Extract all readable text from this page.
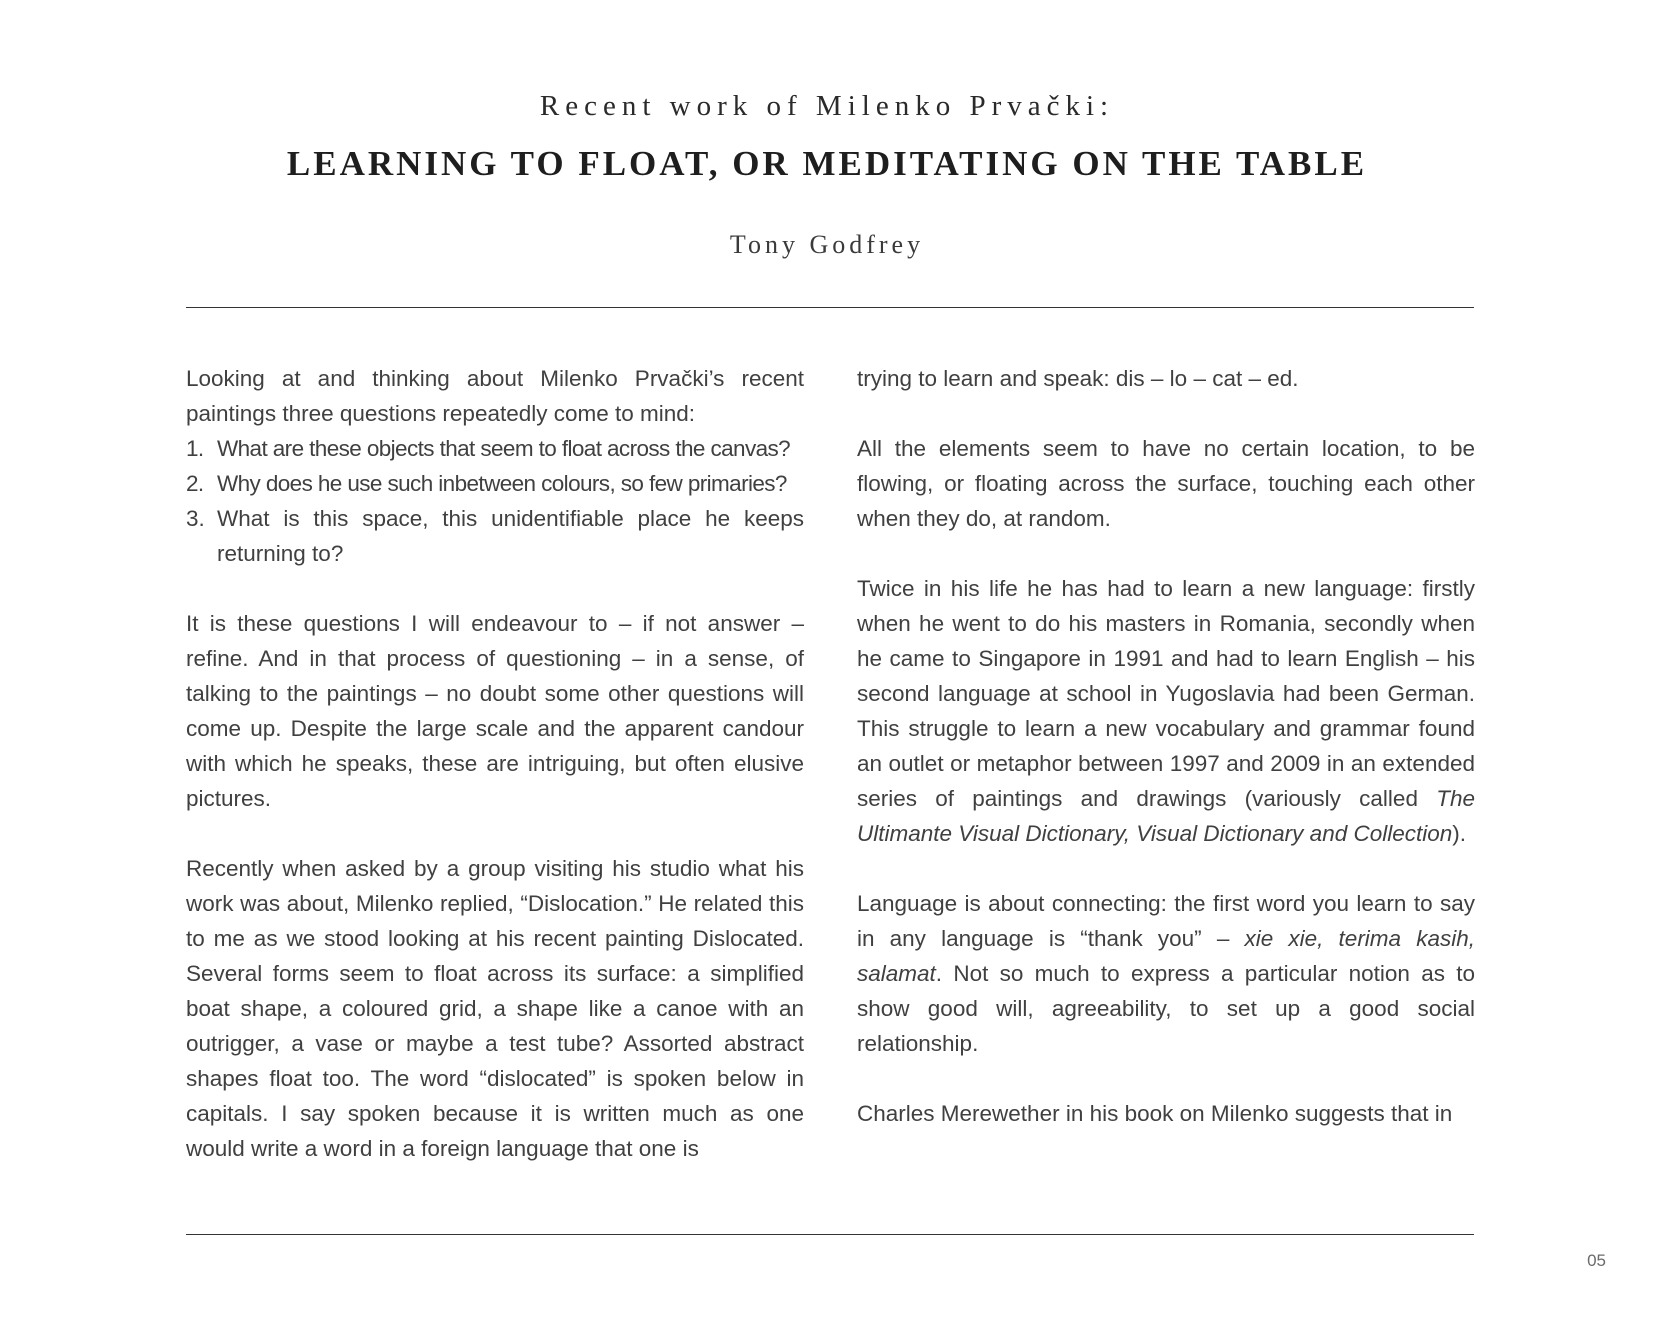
Recent work of Milenko Prvački:
LEARNING TO FLOAT, OR MEDITATING ON THE TABLE
Tony Godfrey
Looking at and thinking about Milenko Prvački’s recent paintings three questions repeatedly come to mind:
1. What are these objects that seem to float across the canvas?
2. Why does he use such inbetween colours, so few primaries?
3. What is this space, this unidentifiable place he keeps returning to?

It is these questions I will endeavour to – if not answer – refine. And in that process of questioning – in a sense, of talking to the paintings – no doubt some other questions will come up. Despite the large scale and the apparent candour with which he speaks, these are intriguing, but often elusive pictures.

Recently when asked by a group visiting his studio what his work was about, Milenko replied, “Dislocation.” He related this to me as we stood looking at his recent painting Dislocated. Several forms seem to float across its surface: a simplified boat shape, a coloured grid, a shape like a canoe with an outrigger, a vase or maybe a test tube? Assorted abstract shapes float too. The word “dislocated” is spoken below in capitals. I say spoken because it is written much as one would write a word in a foreign language that one is

trying to learn and speak: dis – lo – cat – ed.

All the elements seem to have no certain location, to be flowing, or floating across the surface, touching each other when they do, at random.

Twice in his life he has had to learn a new language: firstly when he went to do his masters in Romania, secondly when he came to Singapore in 1991 and had to learn English – his second language at school in Yugoslavia had been German. This struggle to learn a new vocabulary and grammar found an outlet or metaphor between 1997 and 2009 in an extended series of paintings and drawings (variously called The Ultimante Visual Dictionary, Visual Dictionary and Collection).

Language is about connecting: the first word you learn to say in any language is “thank you” – xie xie, terima kasih, salamat. Not so much to express a particular notion as to show good will, agreeability, to set up a good social relationship.

Charles Merewether in his book on Milenko suggests that in

05
